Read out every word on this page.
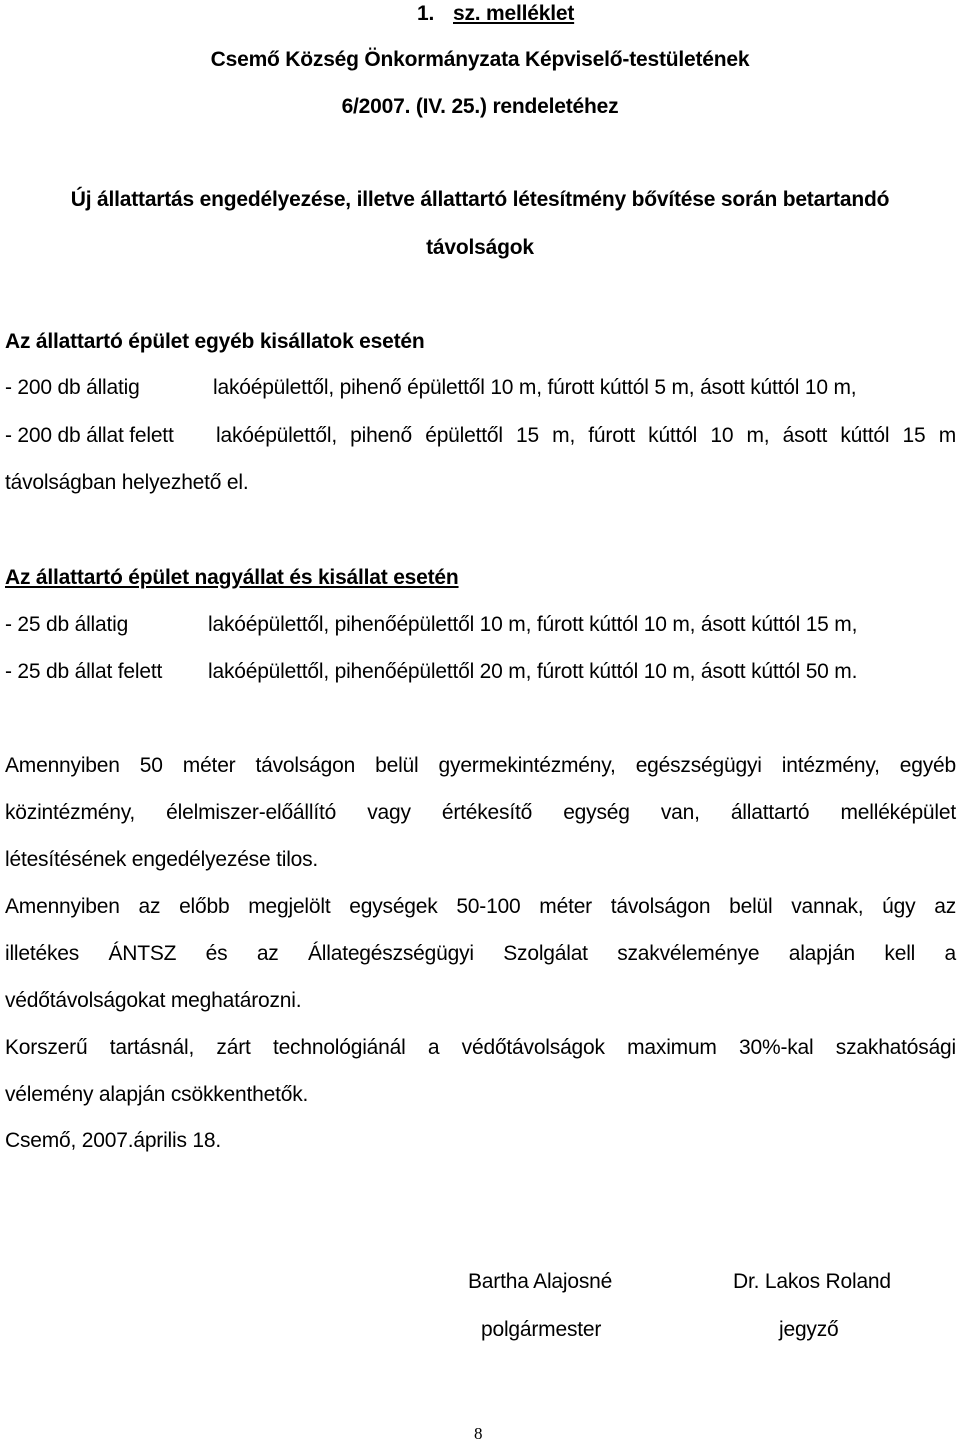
1. sz. melléklet
Csemő Község Önkormányzata Képviselő-testületének
6/2007. (IV. 25.) rendeletéhez
Új állattartás engedélyezése, illetve állattartó létesítmény bővítése során betartandó
távolságok
Az állattartó épület egyéb kisállatok esetén
- 200 db állatig	lakóépülettől, pihenő épülettől 10 m, fúrott kúttól 5 m, ásott kúttól 10 m,
- 200 db állat felett lakóépülettől, pihenő épülettől 15 m, fúrott kúttól 10 m, ásott kúttól 15 m
távolságban helyezhető el.
Az állattartó épület nagyállat és kisállat esetén
- 25 db állatig	lakóépülettől, pihenőépülettől 10 m, fúrott kúttól 10 m, ásott kúttól 15 m,
- 25 db állat felett lakóépülettől, pihenőépülettől 20 m, fúrott kúttól 10 m, ásott kúttól 50 m.
Amennyiben 50 méter távolságon belül gyermekintézmény, egészségügyi intézmény, egyéb
közintézmény, élelmiszer-előállító vagy értékesítő egység van, állattartó melléképület
létesítésének engedélyezése tilos.
Amennyiben az előbb megjelölt egységek 50-100 méter távolságon belül vannak, úgy az
illetékes ÁNTSZ és az Állategészségügyi Szolgálat szakvéleménye alapján kell a
védőtávolságokat meghatározni.
Korszerű tartásnál, zárt technológiánál a védőtávolságok maximum 30%-kal szakhatósági
vélemény alapján csökkenthetők.
Csemő, 2007.április 18.
Bartha Alajosné
polgármester
Dr. Lakos Roland
jegyző
8
